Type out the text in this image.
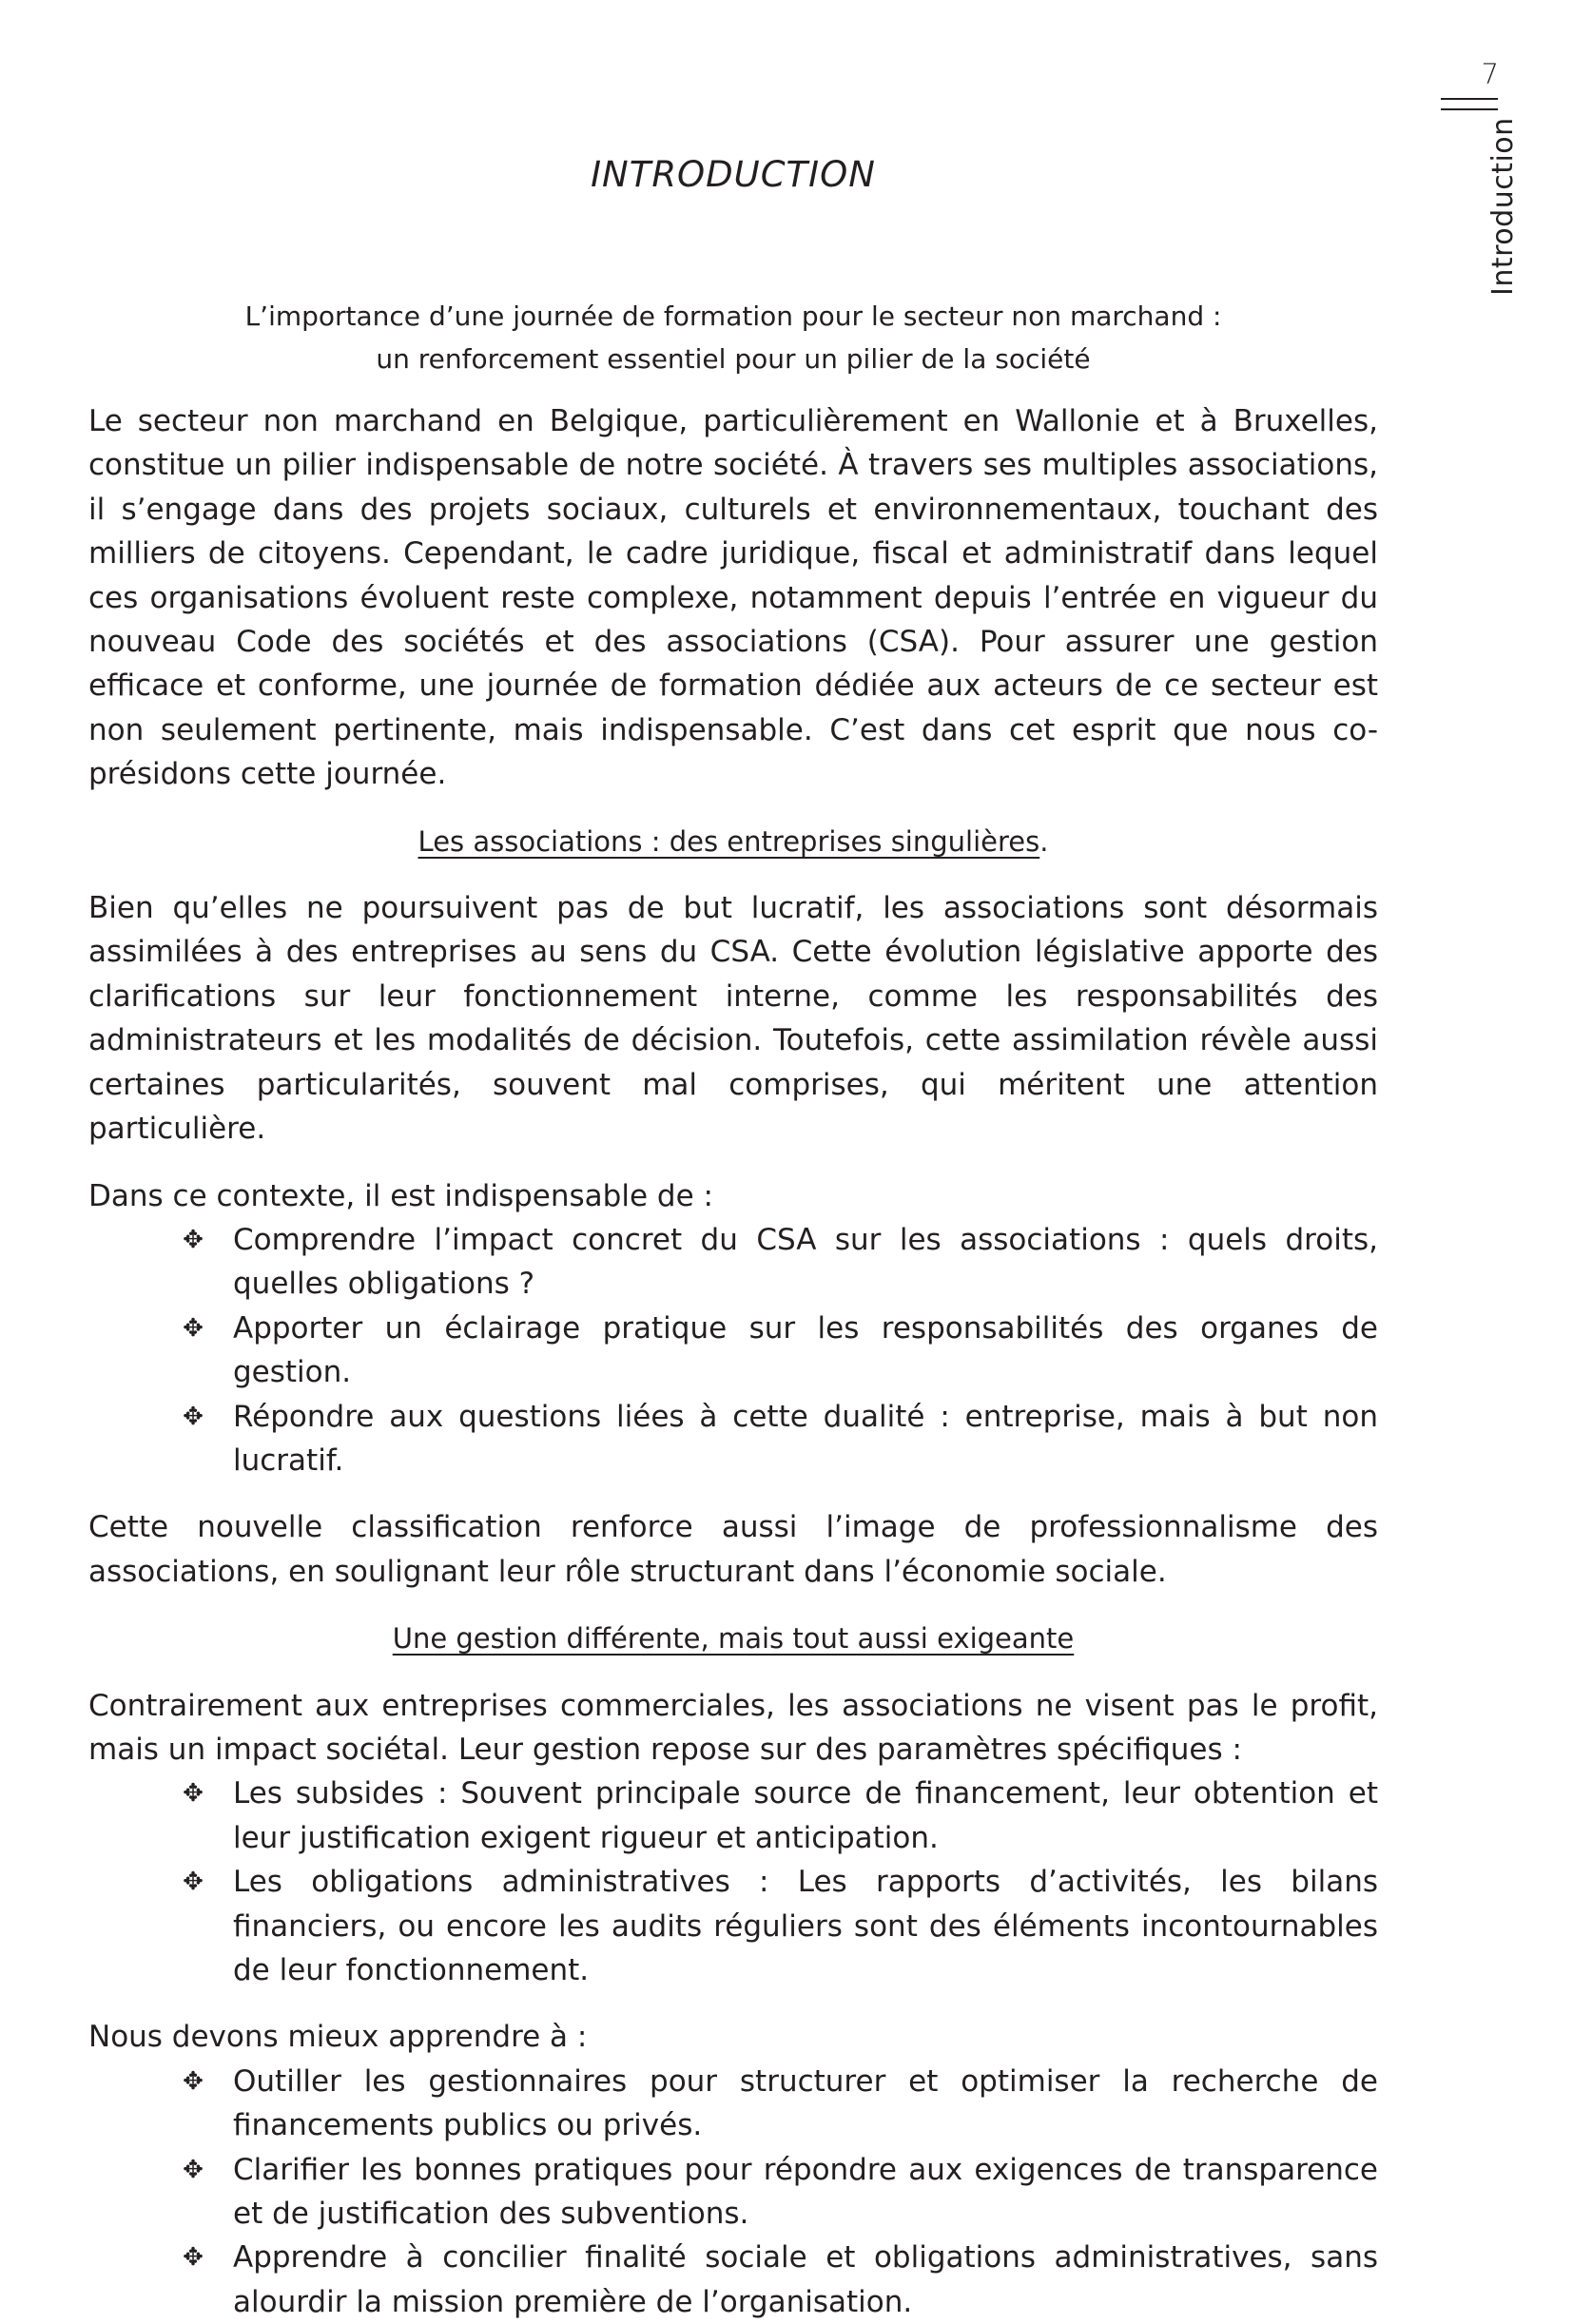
7
Introduction
INTRODUCTION
L’importance d’une journée de formation pour le secteur non marchand :
un renforcement essentiel pour un pilier de la société

Le secteur non marchand en Belgique, particulièrement en Wallonie et à Bruxelles, constitue un pilier indispensable de notre société. À travers ses multiples associations, il s’engage dans des projets sociaux, culturels et environnementaux, touchant des milliers de citoyens. Cependant, le cadre juridique, fiscal et administratif dans lequel ces organisations évoluent reste complexe, notamment depuis l’entrée en vigueur du nouveau Code des sociétés et des associations (CSA). Pour assurer une gestion efficace et conforme, une journée de formation dédiée aux acteurs de ce secteur est non seulement pertinente, mais indispensable. C’est dans cet esprit que nous co-présidons cette journée.

Les associations : des entreprises singulières.

Bien qu’elles ne poursuivent pas de but lucratif, les associations sont désormais assimilées à des entreprises au sens du CSA. Cette évolution législative apporte des clarifications sur leur fonctionnement interne, comme les responsabilités des administrateurs et les modalités de décision. Toutefois, cette assimilation révèle aussi certaines particularités, souvent mal comprises, qui méritent une attention particulière.

Dans ce contexte, il est indispensable de :

✥ Comprendre l’impact concret du CSA sur les associations : quels droits, quelles obligations ?
✥ Apporter un éclairage pratique sur les responsabilités des organes de gestion.
✥ Répondre aux questions liées à cette dualité : entreprise, mais à but non lucratif.

Cette nouvelle classification renforce aussi l’image de professionnalisme des associations, en soulignant leur rôle structurant dans l’économie sociale.

Une gestion différente, mais tout aussi exigeante

Contrairement aux entreprises commerciales, les associations ne visent pas le profit, mais un impact sociétal. Leur gestion repose sur des paramètres spécifiques :

✥ Les subsides : Souvent principale source de financement, leur obtention et leur justification exigent rigueur et anticipation.
✥ Les obligations administratives : Les rapports d’activités, les bilans financiers, ou encore les audits réguliers sont des éléments incontournables de leur fonctionnement.

Nous devons mieux apprendre à :

✥ Outiller les gestionnaires pour structurer et optimiser la recherche de financements publics ou privés.
✥ Clarifier les bonnes pratiques pour répondre aux exigences de transparence et de justification des subventions.
✥ Apprendre à concilier finalité sociale et obligations administratives, sans alourdir la mission première de l’organisation.
